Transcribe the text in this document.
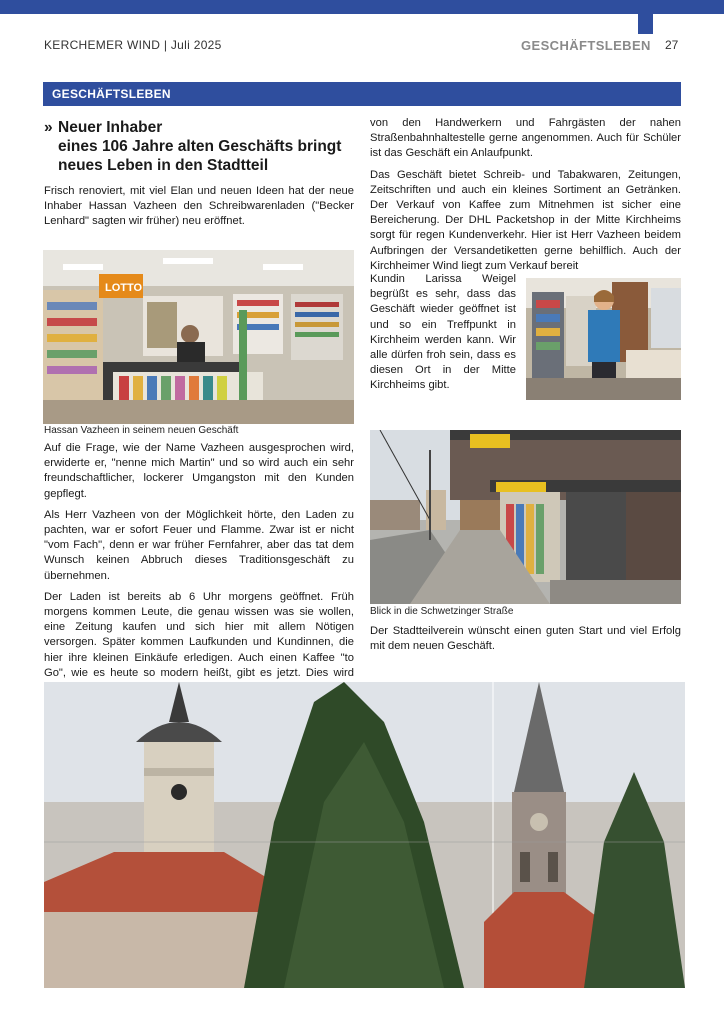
KERCHEMER WIND | Juli 2025	GESCHÄFTSLEBEN 27
GESCHÄFTSLEBEN
» Neuer Inhaber
eines 106 Jahre alten Geschäfts bringt
neues Leben in den Stadtteil

Frisch renoviert, mit viel Elan und neuen Ideen hat der neue Inhaber Hassan Vazheen den Schreibwarenladen ("Becker Lenhard" sagten wir früher) neu eröffnet.

LOTTO
Hassan Vazheen in seinem neuen Geschäft

Auf die Frage, wie der Name Vazheen ausgesprochen wird, erwiderte er, "nenne mich Martin" und so wird auch ein sehr freundschaftlicher, lockerer Umgangston mit den Kunden gepflegt.

Als Herr Vazheen von der Möglichkeit hörte, den Laden zu pachten, war er sofort Feuer und Flamme. Zwar ist er nicht "vom Fach", denn er war früher Fernfahrer, aber das tat dem Wunsch keinen Abbruch dieses Traditionsgeschäft zu übernehmen.

Der Laden ist bereits ab 6 Uhr morgens geöffnet. Früh morgens kommen Leute, die genau wissen was sie wollen, eine Zeitung kaufen und sich hier mit allem Nötigen versorgen. Später kommen Laufkunden und Kundinnen, die hier ihre kleinen Einkäufe erledigen. Auch einen Kaffee "to Go", wie es heute so modern heißt, gibt es jetzt. Dies wird

von den Handwerkern und Fahrgästen der nahen Straßenbahnhaltestelle gerne angenommen. Auch für Schüler ist das Geschäft ein Anlaufpunkt.

Das Geschäft bietet Schreib- und Tabakwaren, Zeitungen, Zeitschriften und auch ein kleines Sortiment an Getränken. Der Verkauf von Kaffee zum Mitnehmen ist sicher eine Bereicherung. Der DHL Packetshop in der Mitte Kirchheims sorgt für regen Kundenverkehr. Hier ist Herr Vazheen beidem Aufbringen der Versandetiketten gerne behilflich. Auch der Kirchheimer Wind liegt zum Verkauf bereit

Kundin Larissa Weigel begrüßt es sehr, dass das Geschäft wieder geöffnet ist und so ein Treffpunkt in Kirchheim werden kann. Wir alle dürfen froh sein, dass es diesen Ort in der Mitte Kirchheims gibt.

Blick in die Schwetzinger Straße

Der Stadtteilverein wünscht einen guten Start und viel Erfolg mit dem neuen Geschäft.
